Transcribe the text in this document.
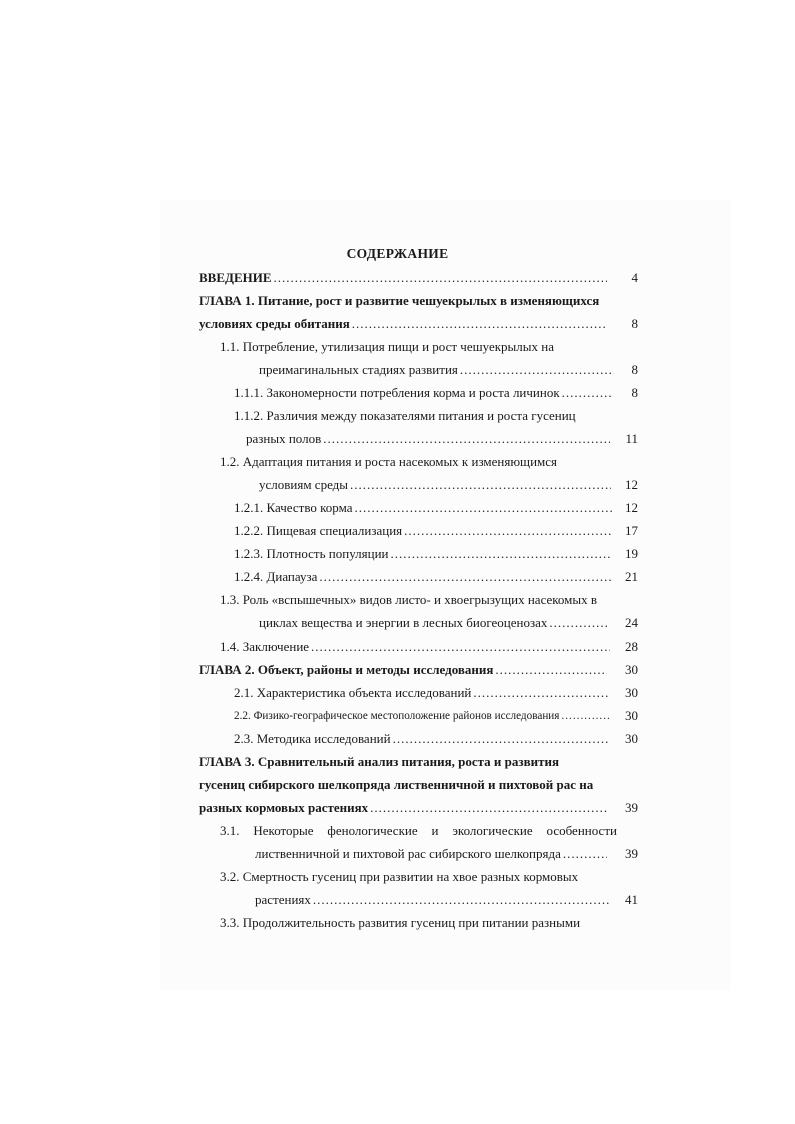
СОДЕРЖАНИЕ
ВВЕДЕНИЕ .....	4
ГЛАВА 1. Питание, рост и развитие чешуекрылых в изменяющихся
условиях среды обитания .....	8
1.1. Потребление, утилизация пищи и рост чешуекрылых на
преимагинальных стадиях развития .....	8
1.1.1. Закономерности потребления корма и роста личинок .....	8
1.1.2. Различия между показателями питания и роста гусениц
разных полов .....	11
1.2. Адаптация питания и роста насекомых к изменяющимся
условиям среды .....	12
1.2.1. Качество корма .....	12
1.2.2. Пищевая специализация .....	17
1.2.3. Плотность популяции .....	19
1.2.4. Диапауза .....	21
1.3. Роль «вспышечных» видов листо- и хвоегрызущих насекомых в
циклах вещества и энергии в лесных биогеоценозах .....	24
1.4. Заключение .....	28
ГЛАВА 2. Объект, районы и методы исследования .....	30
2.1. Характеристика объекта исследований .....	30
2.2. Физико-географическое местоположение районов исследования .....	30
2.3. Методика исследований .....	30
ГЛАВА 3. Сравнительный анализ питания, роста и развития
гусениц сибирского шелкопряда лиственничной и пихтовой рас на
разных кормовых растениях .....	39
3.1. Некоторые фенологические и экологические особенности
лиственничной и пихтовой рас сибирского шелкопряда .....	39
3.2. Смертность гусениц при развитии на хвое разных кормовых
растениях .....	41
3.3. Продолжительность развития гусениц при питании разными
